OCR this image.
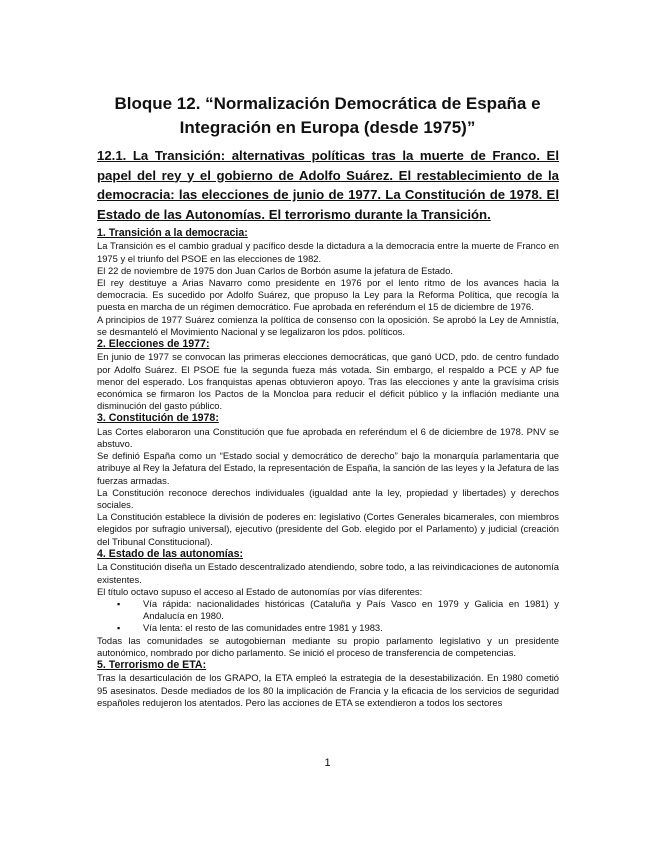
Bloque 12. “Normalización Democrática de España e
Integración en Europa (desde 1975)”
12.1. La Transición: alternativas políticas tras la muerte de Franco. El papel del rey y el gobierno de Adolfo Suárez. El restablecimiento de la democracia: las elecciones de junio de 1977. La Constitución de 1978. El Estado de las Autonomías. El terrorismo durante la Transición.
1. Transición a la democracia:

La Transición es el cambio gradual y pacífico desde la dictadura a la democracia entre la muerte de Franco en 1975 y el triunfo del PSOE en las elecciones de 1982.

El 22 de noviembre de 1975 don Juan Carlos de Borbón asume la jefatura de Estado.

El rey destituye a Arias Navarro como presidente en 1976 por el lento ritmo de los avances hacia la democracia. Es sucedido por Adolfo Suárez, que propuso la Ley para la Reforma Política, que recogía la puesta en marcha de un régimen democrático. Fue aprobada en referéndum el 15 de diciembre de 1976.

A principios de 1977 Suárez comienza la política de consenso con la oposición. Se aprobó la Ley de Amnistía, se desmanteló el Movimiento Nacional y se legalizaron los pdos. políticos.

2. Elecciones de 1977:

En junio de 1977 se convocan las primeras elecciones democráticas, que ganó UCD, pdo. de centro fundado por Adolfo Suárez. El PSOE fue la segunda fueza más votada. Sin embargo, el respaldo a PCE y AP fue menor del esperado. Los franquistas apenas obtuvieron apoyo. Tras las elecciones y ante la gravísima crisis económica se firmaron los Pactos de la Moncloa para reducir el déficit público y la inflación mediante una disminución del gasto público.

3. Constitución de 1978:

Las Cortes elaboraron una Constitución que fue aprobada en referéndum el 6 de diciembre de 1978. PNV se abstuvo.

Se definió España como un “Estado social y democrático de derecho” bajo la monarquía parlamentaria que atribuye al Rey la Jefatura del Estado, la representación de España, la sanción de las leyes y la Jefatura de las fuerzas armadas.

La Constitución reconoce derechos individuales (igualdad ante la ley, propiedad y libertades) y derechos sociales.

La Constitución establece la división de poderes en: legislativo (Cortes Generales bicamerales, con miembros elegidos por sufragio universal), ejecutivo (presidente del Gob. elegido por el Parlamento) y judicial (creación del Tribunal Constitucional).

4. Estado de las autonomías:

La Constitución diseña un Estado descentralizado atendiendo, sobre todo, a las reivindicaciones de autonomía existentes.

El título octavo supuso el acceso al Estado de autonomías por vías diferentes:

▪ Vía rápida: nacionalidades históricas (Cataluña y País Vasco en 1979 y Galicia en 1981) y Andalucía en 1980.
▪ Vía lenta: el resto de las comunidades entre 1981 y 1983.

Todas las comunidades se autogobiernan mediante su propio parlamento legislativo y un presidente autonómico, nombrado por dicho parlamento. Se inició el proceso de transferencia de competencias.

5. Terrorismo de ETA:

Tras la desarticulación de los GRAPO, la ETA empleó la estrategia de la desestabilización. En 1980 cometió 95 asesinatos. Desde mediados de los 80 la implicación de Francia y la eficacia de los servicios de seguridad españoles redujeron los atentados. Pero las acciones de ETA se extendieron a todos los sectores

1
